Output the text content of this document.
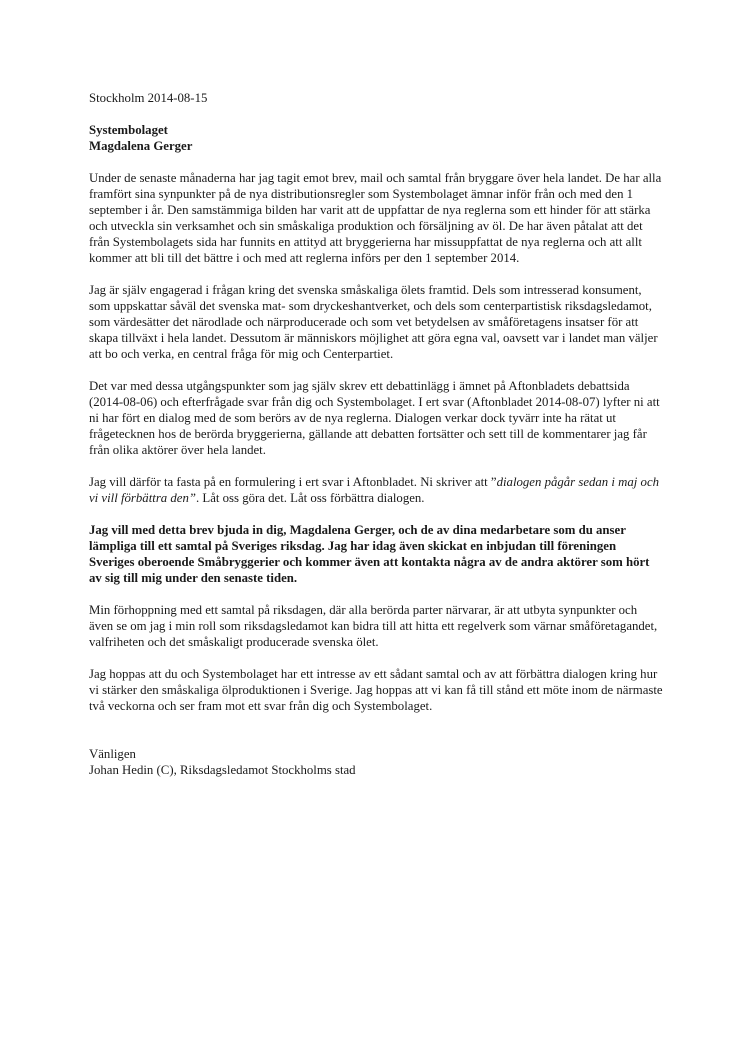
Stockholm 2014-08-15

Systembolaget
Magdalena Gerger

Under de senaste månaderna har jag tagit emot brev, mail och samtal från bryggare över hela landet. De har alla framfört sina synpunkter på de nya distributionsregler som Systembolaget ämnar inför från och med den 1 september i år. Den samstämmiga bilden har varit att de uppfattar de nya reglerna som ett hinder för att stärka och utveckla sin verksamhet och sin småskaliga produktion och försäljning av öl. De har även påtalat att det från Systembolagets sida har funnits en attityd att bryggerierna har missuppfattat de nya reglerna och att allt kommer att bli till det bättre i och med att reglerna införs per den 1 september 2014.

Jag är själv engagerad i frågan kring det svenska småskaliga ölets framtid. Dels som intresserad konsument, som uppskattar såväl det svenska mat- som dryckeshantverket, och dels som centerpartistisk riksdagsledamot, som värdesätter det närodlade och närproducerade och som vet betydelsen av småföretagens insatser för att skapa tillväxt i hela landet. Dessutom är människors möjlighet att göra egna val, oavsett var i landet man väljer att bo och verka, en central fråga för mig och Centerpartiet.

Det var med dessa utgångspunkter som jag själv skrev ett debattinlägg i ämnet på Aftonbladets debattsida (2014-08-06) och efterfrågade svar från dig och Systembolaget. I ert svar (Aftonbladet 2014-08-07) lyfter ni att ni har fört en dialog med de som berörs av de nya reglerna. Dialogen verkar dock tyvärr inte ha rätat ut frågetecknen hos de berörda bryggerierna, gällande att debatten fortsätter och sett till de kommentarer jag får från olika aktörer över hela landet.

Jag vill därför ta fasta på en formulering i ert svar i Aftonbladet. Ni skriver att ”dialogen pågår sedan i maj och vi vill förbättra den”. Låt oss göra det. Låt oss förbättra dialogen.

Jag vill med detta brev bjuda in dig, Magdalena Gerger, och de av dina medarbetare som du anser lämpliga till ett samtal på Sveriges riksdag. Jag har idag även skickat en inbjudan till föreningen Sveriges oberoende Småbryggerier och kommer även att kontakta några av de andra aktörer som hört av sig till mig under den senaste tiden.

Min förhoppning med ett samtal på riksdagen, där alla berörda parter närvarar, är att utbyta synpunkter och även se om jag i min roll som riksdagsledamot kan bidra till att hitta ett regelverk som värnar småföretagandet, valfriheten och det småskaligt producerade svenska ölet.

Jag hoppas att du och Systembolaget har ett intresse av ett sådant samtal och av att förbättra dialogen kring hur vi stärker den småskaliga ölproduktionen i Sverige. Jag hoppas att vi kan få till stånd ett möte inom de närmaste två veckorna och ser fram mot ett svar från dig och Systembolaget.

Vänligen
Johan Hedin (C), Riksdagsledamot Stockholms stad
